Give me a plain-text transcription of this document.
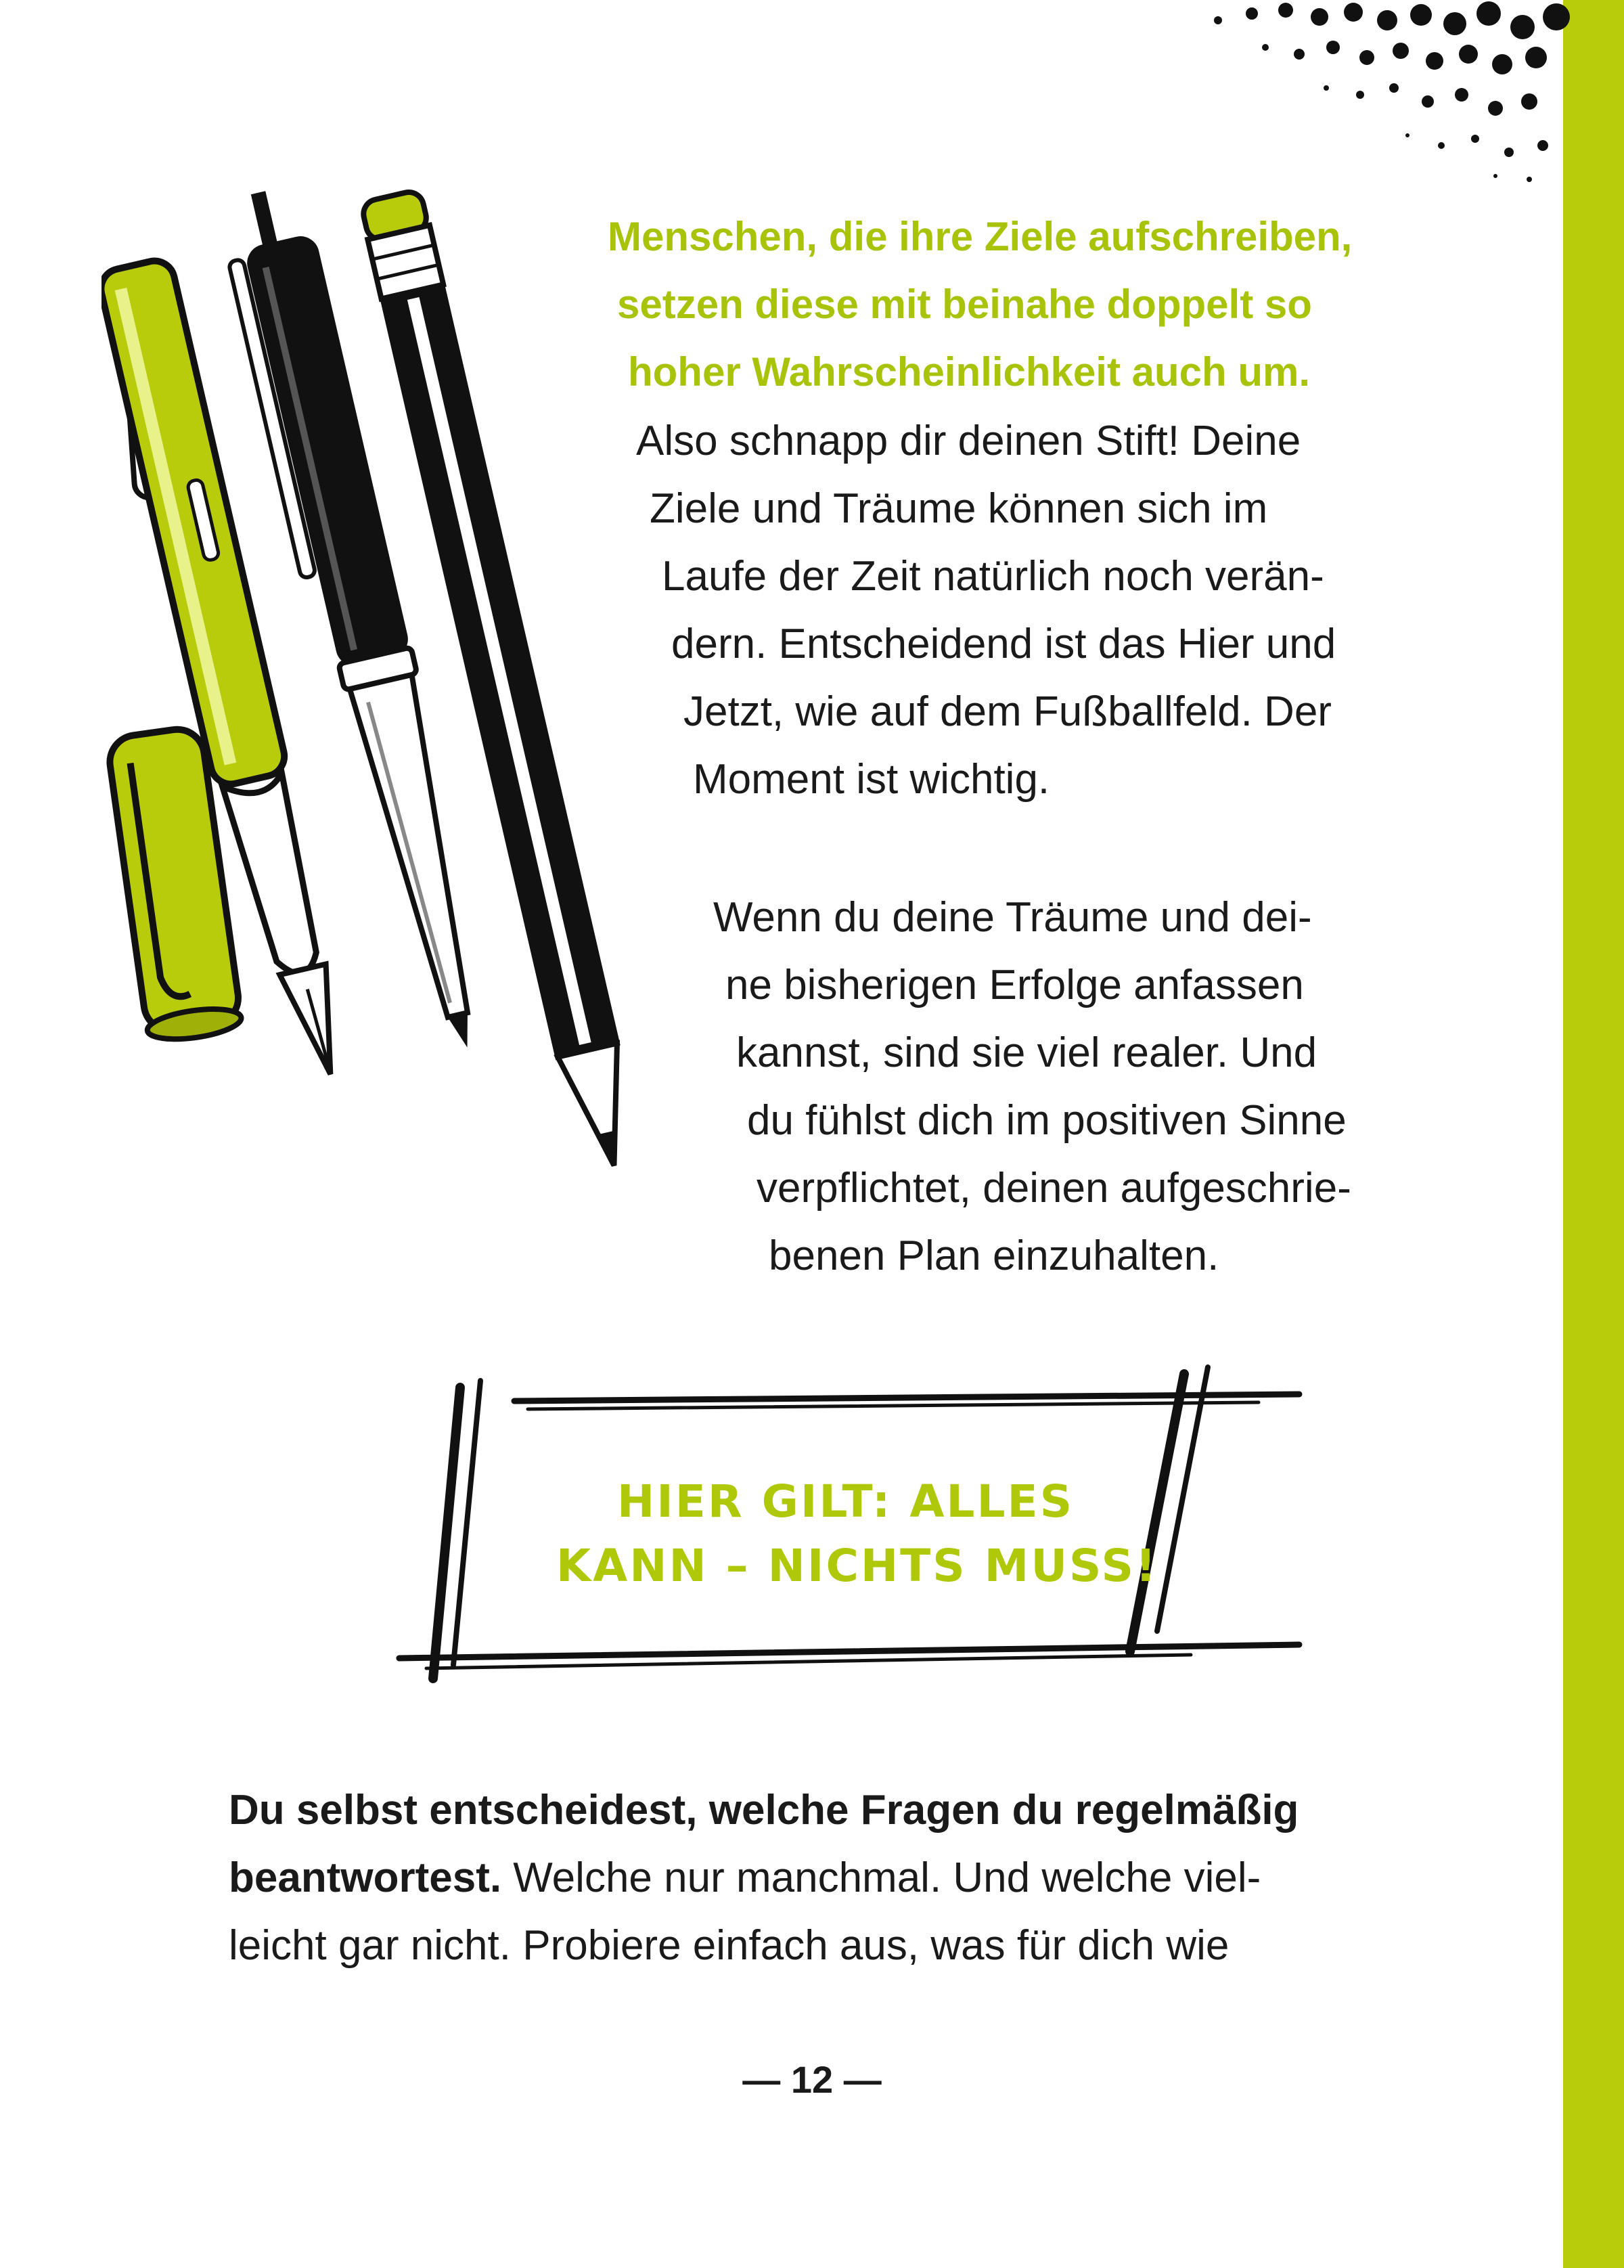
Menschen, die ihre Ziele aufschreiben,

setzen diese mit beinahe doppelt so

hoher Wahrscheinlichkeit auch um.

Also schnapp dir deinen Stift! Deine

Ziele und Träume können sich im

Laufe der Zeit natürlich noch verän-

dern. Entscheidend ist das Hier und

Jetzt, wie auf dem Fußballfeld. Der

Moment ist wichtig.

Wenn du deine Träume und dei-

ne bisherigen Erfolge anfassen

kannst, sind sie viel realer. Und

du fühlst dich im positiven Sinne

verpflichtet, deinen aufgeschrie-

benen Plan einzuhalten.

HIER GILT: ALLES
KANN – NICHTS MUSS!

Du selbst entscheidest, welche Fragen du regelmäßig

beantwortest. Welche nur manchmal. Und welche viel-

leicht gar nicht. Probiere einfach aus, was für dich wie

— 12 —
